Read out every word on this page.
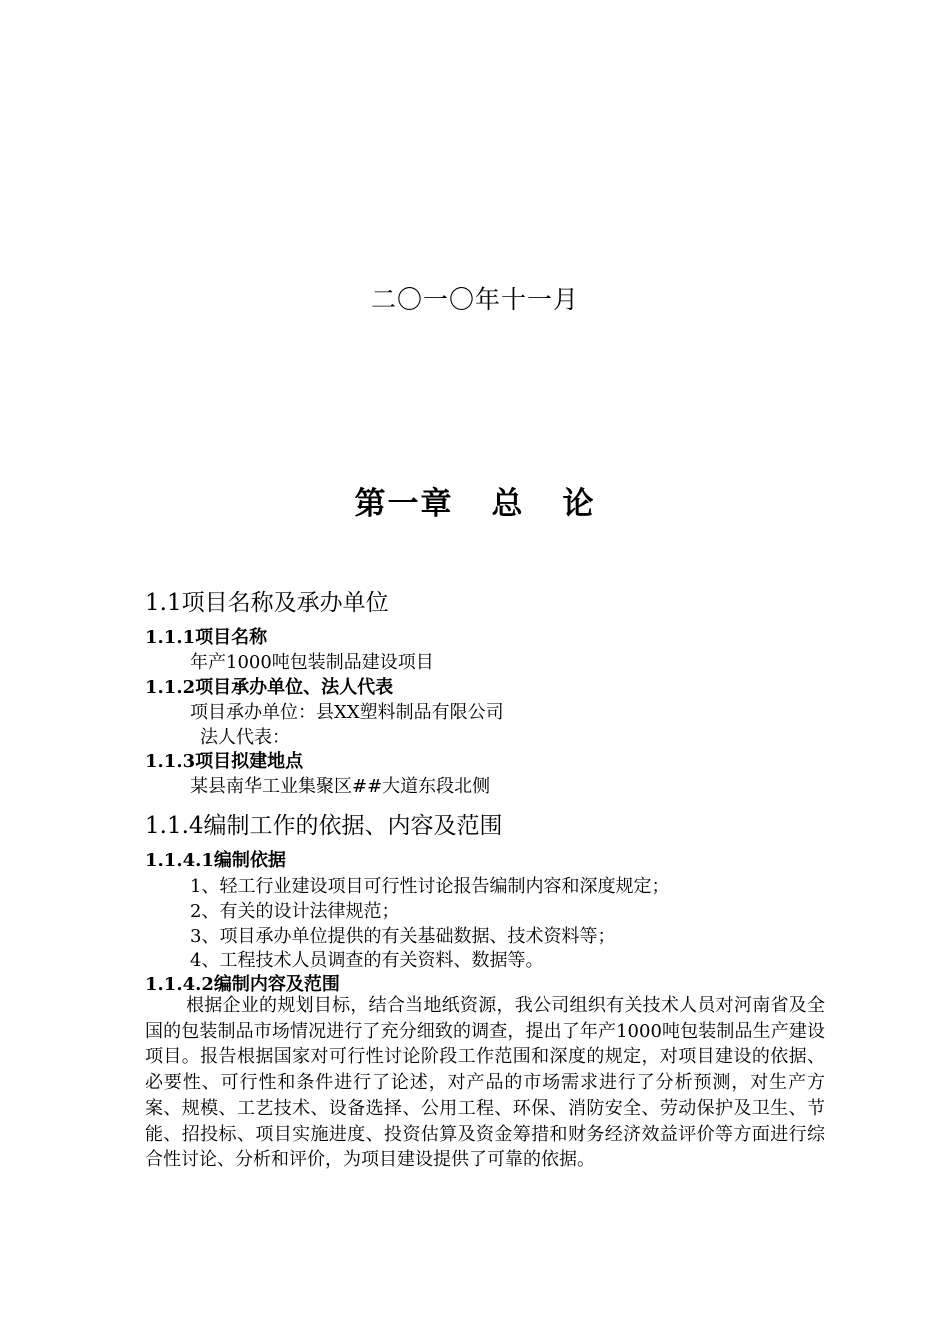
二〇一〇年十一月
第一章 总 论
1.1项目名称及承办单位
1.1.1项目名称
年产1000吨包装制品建设项目
1.1.2项目承办单位、法人代表
项目承办单位：县XX塑料制品有限公司
法人代表：
1.1.3项目拟建地点
某县南华工业集聚区##大道东段北侧
1.1.4编制工作的依据、内容及范围
1.1.4.1编制依据
1、轻工行业建设项目可行性讨论报告编制内容和深度规定；
2、有关的设计法律规范；
3、项目承办单位提供的有关基础数据、技术资料等；
4、工程技术人员调查的有关资料、数据等。
1.1.4.2编制内容及范围
根据企业的规划目标，结合当地纸资源，我公司组织有关技术人员对河南省及全国的包装制品市场情况进行了充分细致的调查，提出了年产1000吨包装制品生产建设项目。报告根据国家对可行性讨论阶段工作范围和深度的规定，对项目建设的依据、必要性、可行性和条件进行了论述，对产品的市场需求进行了分析预测，对生产方案、规模、工艺技术、设备选择、公用工程、环保、消防安全、劳动保护及卫生、节能、招投标、项目实施进度、投资估算及资金筹措和财务经济效益评价等方面进行综合性讨论、分析和评价，为项目建设提供了可靠的依据。
